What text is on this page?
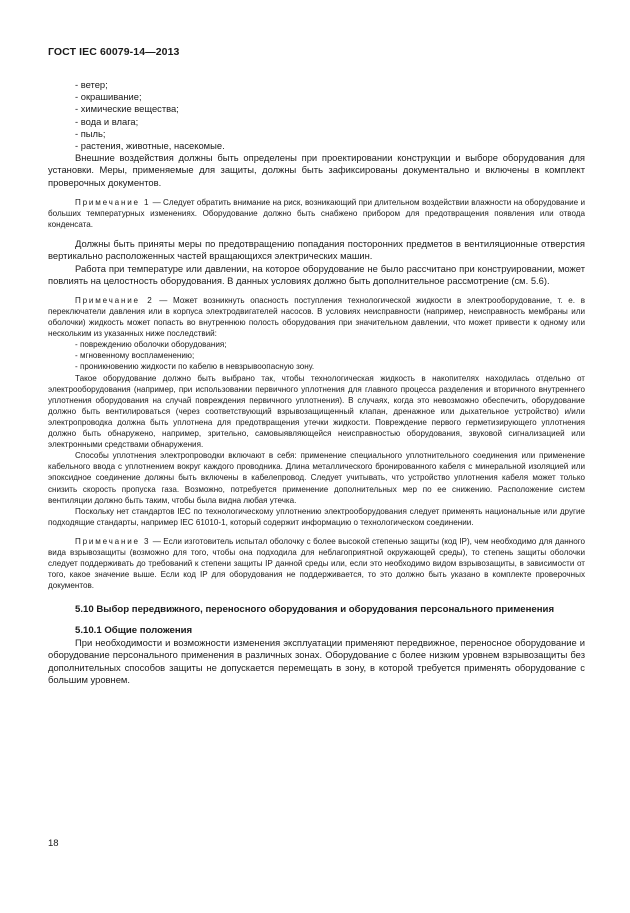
ГОСТ IEC 60079-14—2013

- ветер;

- окрашивание;

- химические вещества;

- вода и влага;

- пыль;

- растения, животные, насекомые.

Внешние воздействия должны быть определены при проектировании конструкции и выборе оборудования для установки. Меры, применяемые для защиты, должны быть зафиксированы документально и включены в комплект проверочных документов.

Примечание 1 — Следует обратить внимание на риск, возникающий при длительном воздействии влажности на оборудование и больших температурных изменениях. Оборудование должно быть снабжено прибором для предотвращения появления или отвода конденсата.

Должны быть приняты меры по предотвращению попадания посторонних предметов в вентиляционные отверстия вертикально расположенных частей вращающихся электрических машин.

Работа при температуре или давлении, на которое оборудование не было рассчитано при конструировании, может повлиять на целостность оборудования. В данных условиях должно быть дополнительное рассмотрение (см. 5.6).

Примечание 2 — Может возникнуть опасность поступления технологической жидкости в электрооборудование, т. е. в переключатели давления или в корпуса электродвигателей насосов. В условиях неисправности (например, неисправность мембраны или оболочки) жидкость может попасть во внутреннюю полость оборудования при значительном давлении, что может привести к одному или нескольким из указанных ниже последствий:

- повреждению оболочки оборудования;

- мгновенному воспламенению;

- проникновению жидкости по кабелю в невзрывоопасную зону.

Такое оборудование должно быть выбрано так, чтобы технологическая жидкость в накопителях находилась отдельно от электрооборудования (например, при использовании первичного уплотнения для главного процесса разделения и вторичного внутреннего уплотнения оборудования на случай повреждения первичного уплотнения). В случаях, когда это невозможно обеспечить, оборудование должно быть вентилироваться (через соответствующий взрывозащищенный клапан, дренажное или дыхательное устройство) и/или электропроводка должна быть уплотнена для предотвращения утечки жидкости. Повреждение первого герметизирующего уплотнения должно быть обнаружено, например, зрительно, самовыявляющейся неисправностью оборудования, звуковой сигнализацией или электронными средствами обнаружения.

Способы уплотнения электропроводки включают в себя: применение специального уплотнительного соединения или применение кабельного ввода с уплотнением вокруг каждого проводника. Длина металлического бронированного кабеля с минеральной изоляцией или эпоксидное соединение должны быть включены в кабелепровод. Следует учитывать, что устройство уплотнения кабеля может только снизить скорость пропуска газа. Возможно, потребуется применение дополнительных мер по ее снижению. Расположение систем вентиляции должно быть таким, чтобы была видна любая утечка.

Поскольку нет стандартов IEC по технологическому уплотнению электрооборудования следует применять национальные или другие подходящие стандарты, например IEC 61010-1, который содержит информацию о технологическом соединении.

Примечание 3 — Если изготовитель испытал оболочку с более высокой степенью защиты (код IP), чем необходимо для данного вида взрывозащиты (возможно для того, чтобы она подходила для неблагоприятной окружающей среды), то степень защиты оболочки следует поддерживать до требований к степени защиты IP данной среды или, если это необходимо видом взрывозащиты, в зависимости от того, какое значение выше. Если код IP для оборудования не поддерживается, то это должно быть указано в комплекте проверочных документов.

5.10 Выбор передвижного, переносного оборудования и оборудования персонального применения

5.10.1 Общие положения

При необходимости и возможности изменения эксплуатации применяют передвижное, переносное оборудование и оборудование персонального применения в различных зонах. Оборудование с более низким уровнем взрывозащиты без дополнительных способов защиты не допускается перемещать в зону, в которой требуется применять оборудование с большим уровнем.

18
